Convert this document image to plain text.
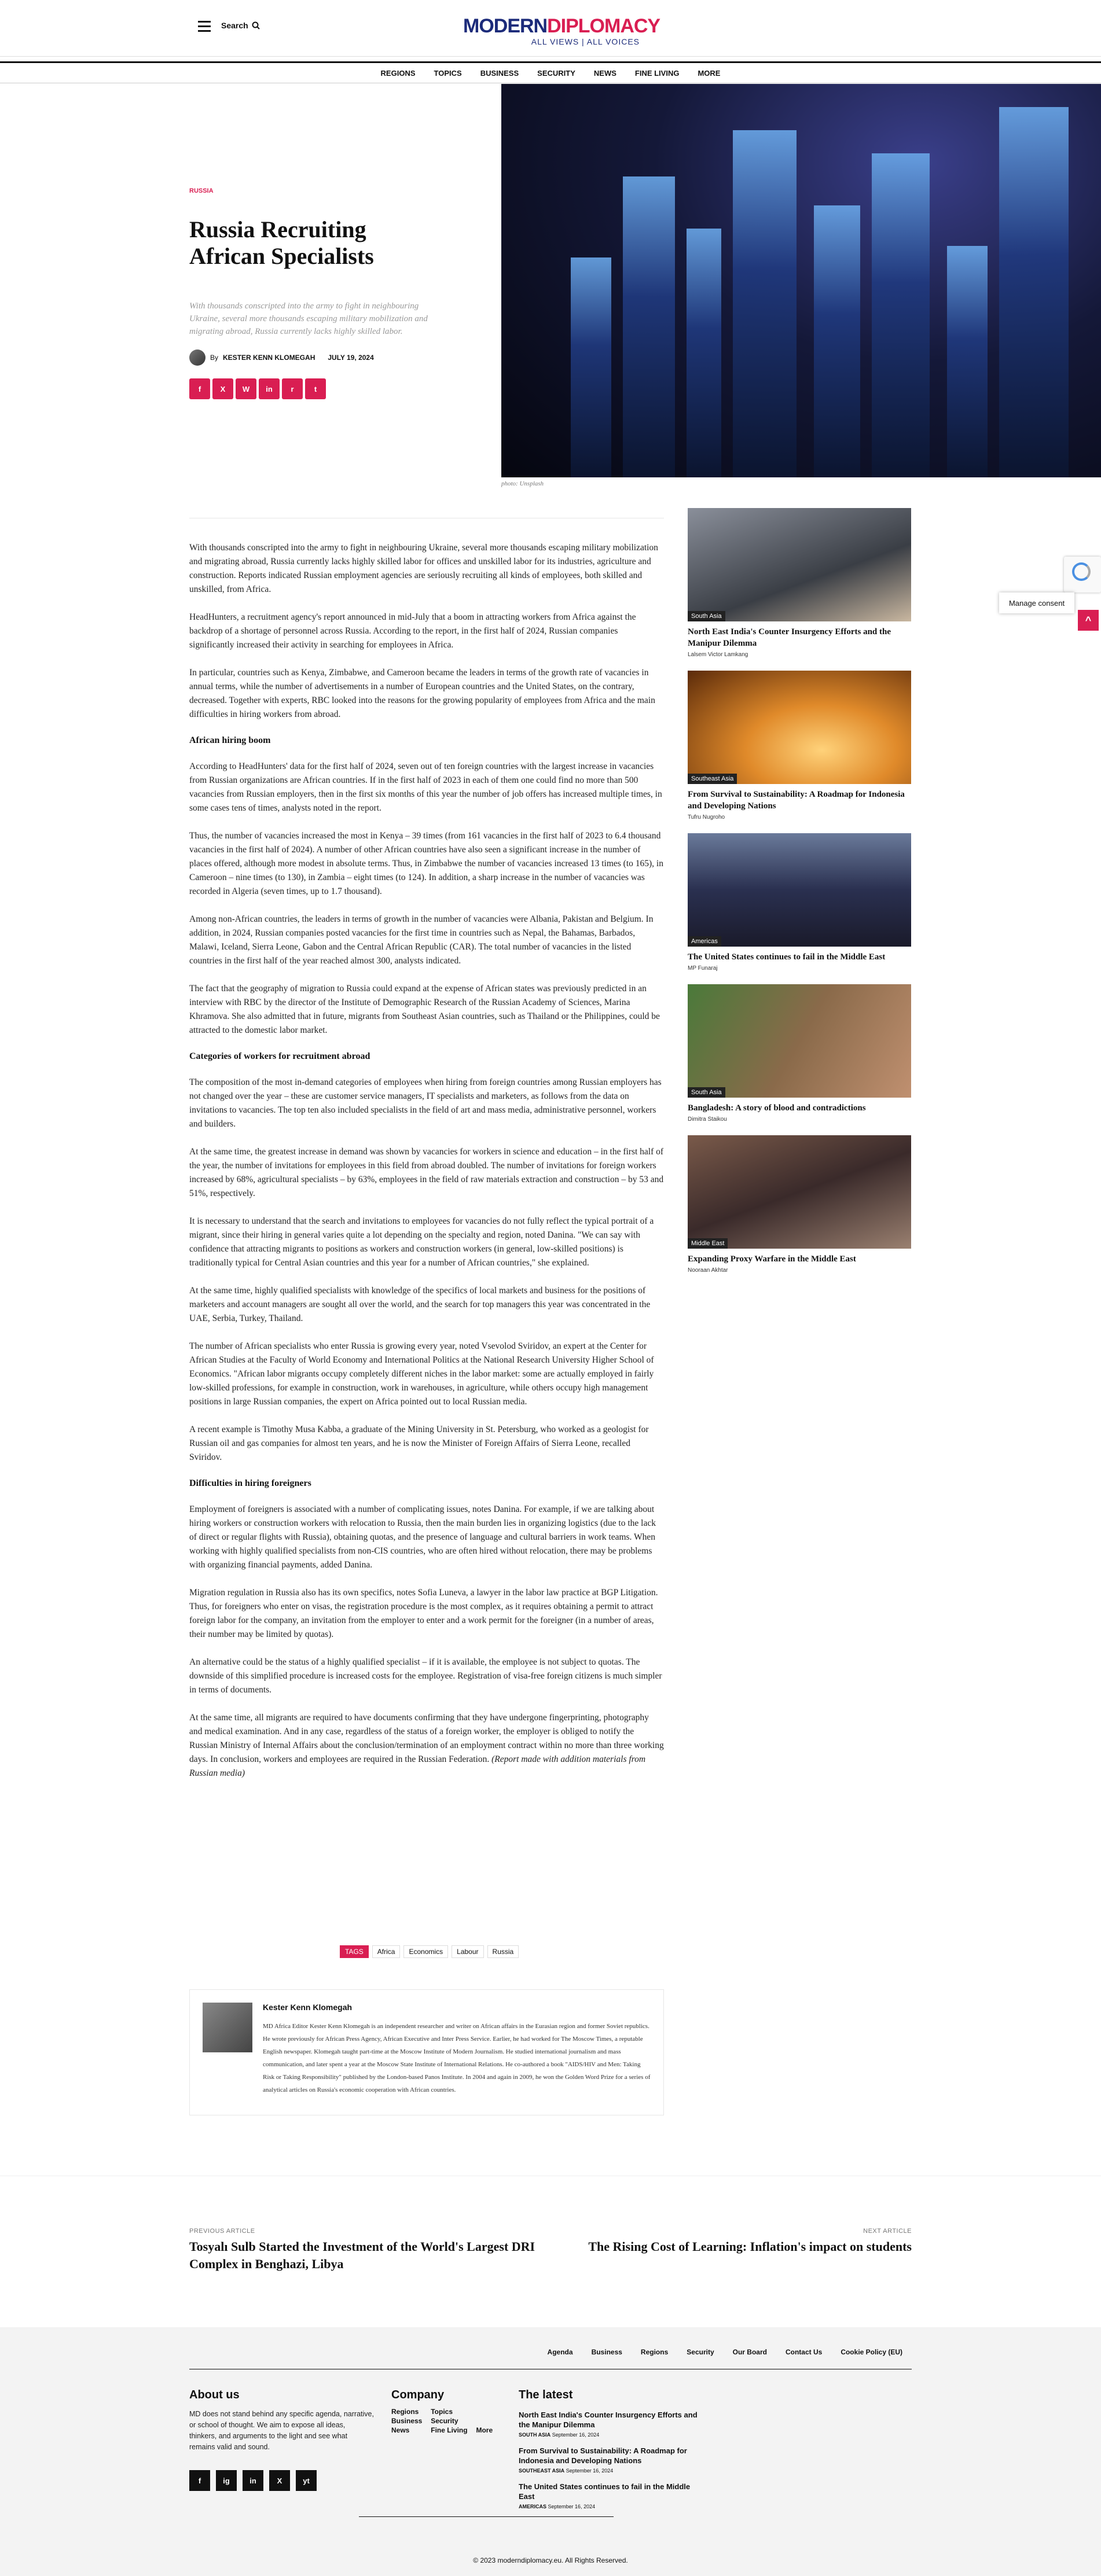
Search	MODERNDIPLOMACY
ALL VIEWS | ALL VOICES
REGIONS	TOPICS	BUSINESS	SECURITY	NEWS	FINE LIVING	MORE
RUSSIA
Russia Recruiting African Specialists

With thousands conscripted into the army to fight in neighbouring Ukraine, several more thousands escaping military mobilization and migrating abroad, Russia currently lacks highly skilled labor.

By KESTER KENN KLOMEGAH JULY 19, 2024
f	X	W	in	r	t
photo: Unsplash

With thousands conscripted into the army to fight in neighbouring Ukraine, several more thousands escaping military mobilization and migrating abroad, Russia currently lacks highly skilled labor for offices and unskilled labor for its industries, agriculture and construction. Reports indicated Russian employment agencies are seriously recruiting all kinds of employees, both skilled and unskilled, from Africa.

HeadHunters, a recruitment agency's report announced in mid-July that a boom in attracting workers from Africa against the backdrop of a shortage of personnel across Russia. According to the report, in the first half of 2024, Russian companies significantly increased their activity in searching for employees in Africa.

In particular, countries such as Kenya, Zimbabwe, and Cameroon became the leaders in terms of the growth rate of vacancies in annual terms, while the number of advertisements in a number of European countries and the United States, on the contrary, decreased. Together with experts, RBC looked into the reasons for the growing popularity of employees from Africa and the main difficulties in hiring workers from abroad.

African hiring boom

According to HeadHunters' data for the first half of 2024, seven out of ten foreign countries with the largest increase in vacancies from Russian organizations are African countries. If in the first half of 2023 in each of them one could find no more than 500 vacancies from Russian employers, then in the first six months of this year the number of job offers has increased multiple times, in some cases tens of times, analysts noted in the report.

Thus, the number of vacancies increased the most in Kenya – 39 times (from 161 vacancies in the first half of 2023 to 6.4 thousand vacancies in the first half of 2024). A number of other African countries have also seen a significant increase in the number of places offered, although more modest in absolute terms. Thus, in Zimbabwe the number of vacancies increased 13 times (to 165), in Cameroon – nine times (to 130), in Zambia – eight times (to 124). In addition, a sharp increase in the number of vacancies was recorded in Algeria (seven times, up to 1.7 thousand).

Among non-African countries, the leaders in terms of growth in the number of vacancies were Albania, Pakistan and Belgium. In addition, in 2024, Russian companies posted vacancies for the first time in countries such as Nepal, the Bahamas, Barbados, Malawi, Iceland, Sierra Leone, Gabon and the Central African Republic (CAR). The total number of vacancies in the listed countries in the first half of the year reached almost 300, analysts indicated.

The fact that the geography of migration to Russia could expand at the expense of African states was previously predicted in an interview with RBC by the director of the Institute of Demographic Research of the Russian Academy of Sciences, Marina Khramova. She also admitted that in future, migrants from Southeast Asian countries, such as Thailand or the Philippines, could be attracted to the domestic labor market.

Categories of workers for recruitment abroad

The composition of the most in-demand categories of employees when hiring from foreign countries among Russian employers has not changed over the year – these are customer service managers, IT specialists and marketers, as follows from the data on invitations to vacancies. The top ten also included specialists in the field of art and mass media, administrative personnel, workers and builders.

At the same time, the greatest increase in demand was shown by vacancies for workers in science and education – in the first half of the year, the number of invitations for employees in this field from abroad doubled. The number of invitations for foreign workers increased by 68%, agricultural specialists – by 63%, employees in the field of raw materials extraction and construction – by 53 and 51%, respectively.

It is necessary to understand that the search and invitations to employees for vacancies do not fully reflect the typical portrait of a migrant, since their hiring in general varies quite a lot depending on the specialty and region, noted Danina. "We can say with confidence that attracting migrants to positions as workers and construction workers (in general, low-skilled positions) is traditionally typical for Central Asian countries and this year for a number of African countries," she explained.

At the same time, highly qualified specialists with knowledge of the specifics of local markets and business for the positions of marketers and account managers are sought all over the world, and the search for top managers this year was concentrated in the UAE, Serbia, Turkey, Thailand.

The number of African specialists who enter Russia is growing every year, noted Vsevolod Sviridov, an expert at the Center for African Studies at the Faculty of World Economy and International Politics at the National Research University Higher School of Economics. "African labor migrants occupy completely different niches in the labor market: some are actually employed in fairly low-skilled professions, for example in construction, work in warehouses, in agriculture, while others occupy high management positions in large Russian companies, the expert on Africa pointed out to local Russian media.

A recent example is Timothy Musa Kabba, a graduate of the Mining University in St. Petersburg, who worked as a geologist for Russian oil and gas companies for almost ten years, and he is now the Minister of Foreign Affairs of Sierra Leone, recalled Sviridov.

Difficulties in hiring foreigners

Employment of foreigners is associated with a number of complicating issues, notes Danina. For example, if we are talking about hiring workers or construction workers with relocation to Russia, then the main burden lies in organizing logistics (due to the lack of direct or regular flights with Russia), obtaining quotas, and the presence of language and cultural barriers in work teams. When working with highly qualified specialists from non-CIS countries, who are often hired without relocation, there may be problems with organizing financial payments, added Danina.

Migration regulation in Russia also has its own specifics, notes Sofia Luneva, a lawyer in the labor law practice at BGP Litigation. Thus, for foreigners who enter on visas, the registration procedure is the most complex, as it requires obtaining a permit to attract foreign labor for the company, an invitation from the employer to enter and a work permit for the foreigner (in a number of areas, their number may be limited by quotas).

An alternative could be the status of a highly qualified specialist – if it is available, the employee is not subject to quotas. The downside of this simplified procedure is increased costs for the employee. Registration of visa-free foreign citizens is much simpler in terms of documents.

At the same time, all migrants are required to have documents confirming that they have undergone fingerprinting, photography and medical examination. And in any case, regardless of the status of a foreign worker, the employer is obliged to notify the Russian Ministry of Internal Affairs about the conclusion/termination of an employment contract within no more than three working days. In conclusion, workers and employees are required in the Russian Federation. (Report made with addition materials from Russian media)

TAGS	Africa	Economics	Labour	Russia
Kester Kenn Klomegah
MD Africa Editor Kester Kenn Klomegah is an independent researcher and writer on African affairs in the Eurasian region and former Soviet republics. He wrote previously for African Press Agency, African Executive and Inter Press Service. Earlier, he had worked for The Moscow Times, a reputable English newspaper. Klomegah taught part-time at the Moscow Institute of Modern Journalism. He studied international journalism and mass communication, and later spent a year at the Moscow State Institute of International Relations. He co-authored a book "AIDS/HIV and Men: Taking Risk or Taking Responsibility" published by the London-based Panos Institute. In 2004 and again in 2009, he won the Golden Word Prize for a series of analytical articles on Russia's economic cooperation with African countries.
South Asia
North East India's Counter Insurgency Efforts and the Manipur Dilemma
Lalsem Victor Lamkang
Southeast Asia
From Survival to Sustainability: A Roadmap for Indonesia and Developing Nations
Tufru Nugroho
Americas
The United States continues to fail in the Middle East
MP Funaraj
South Asia
Bangladesh: A story of blood and contradictions
Dimitra Staikou
Middle East
Expanding Proxy Warfare in the Middle East
Nooraan Akhtar
Manage consent
^
PREVIOUS ARTICLE
Tosyalı Sulb Started the Investment of the World's Largest DRI Complex in Benghazi, Libya
NEXT ARTICLE
The Rising Cost of Learning: Inflation's impact on students
Agenda	Business	Regions	Security	Our Board	Contact Us	Cookie Policy (EU)
About us

MD does not stand behind any specific agenda, narrative, or school of thought. We aim to expose all ideas, thinkers, and arguments to the light and see what remains valid and sound.

f	ig	in	X	yt
Company
Regions	Topics
Business	Security
News	Fine Living	More
The latest
North East India's Counter Insurgency Efforts and the Manipur Dilemma
SOUTH ASIA September 16, 2024
From Survival to Sustainability: A Roadmap for Indonesia and Developing Nations
SOUTHEAST ASIA September 16, 2024
The United States continues to fail in the Middle East
AMERICAS September 16, 2024
© 2023 moderndiplomacy.eu. All Rights Reserved.
